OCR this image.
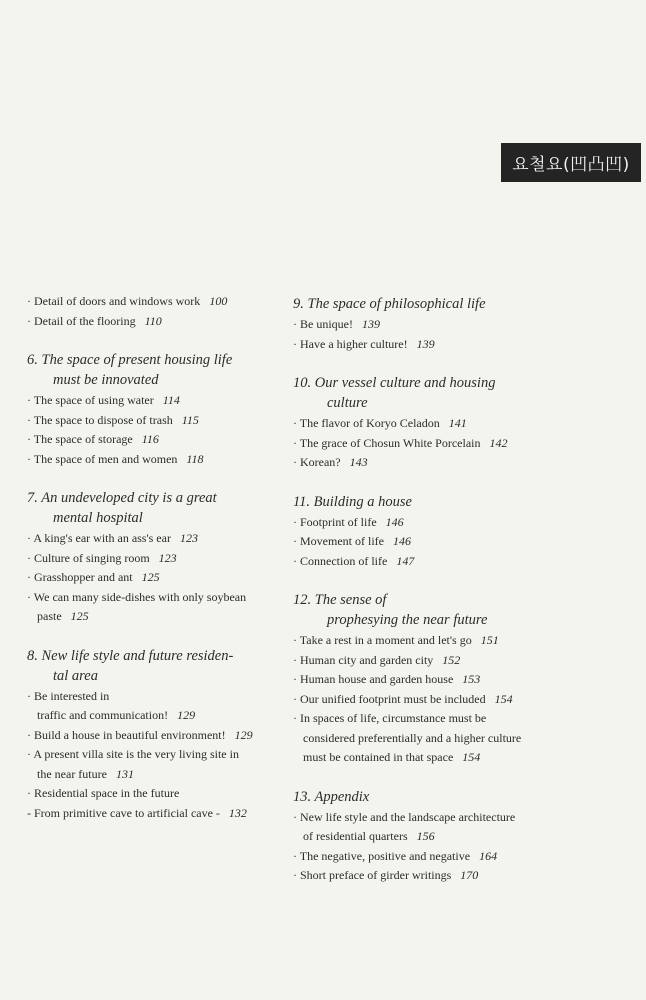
요철요(凹凸凹)
· Detail of doors and windows work 100
· Detail of the flooring 110
6. The space of present housing life
must be innovated
· The space of using water 114
· The space to dispose of trash 115
· The space of storage 116
· The space of men and women 118
7. An undeveloped city is a great
mental hospital
· A king's ear with an ass's ear 123
· Culture of singing room 123
· Grasshopper and ant 125
· We can many side-dishes with only soybean
paste 125
8. New life style and future residen-
tal area
· Be interested in
traffic and communication! 129
· Build a house in beautiful environment! 129
· A present villa site is the very living site in
the near future 131
· Residential space in the future
- From primitive cave to artificial cave - 132
9. The space of philosophical life
· Be unique! 139
· Have a higher culture! 139
10. Our vessel culture and housing
culture
· The flavor of Koryo Celadon 141
· The grace of Chosun White Porcelain 142
· Korean? 143
11. Building a house
· Footprint of life 146
· Movement of life 146
· Connection of life 147
12. The sense of
prophesying the near future
· Take a rest in a moment and let's go 151
· Human city and garden city 152
· Human house and garden house 153
· Our unified footprint must be included 154
· In spaces of life, circumstance must be
considered preferentially and a higher culture
must be contained in that space 154
13. Appendix
· New life style and the landscape architecture
of residential quarters 156
· The negative, positive and negative 164
· Short preface of girder writings 170
